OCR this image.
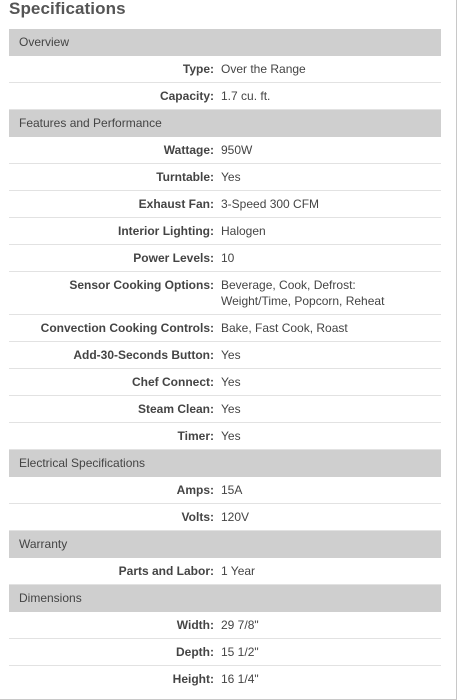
Specifications
Overview
Type: Over the Range
Capacity: 1.7 cu. ft.
Features and Performance
Wattage: 950W
Turntable: Yes
Exhaust Fan: 3-Speed 300 CFM
Interior Lighting: Halogen
Power Levels: 10
Sensor Cooking Options: Beverage, Cook, Defrost: Weight/Time, Popcorn, Reheat
Convection Cooking Controls: Bake, Fast Cook, Roast
Add-30-Seconds Button: Yes
Chef Connect: Yes
Steam Clean: Yes
Timer: Yes
Electrical Specifications
Amps: 15A
Volts: 120V
Warranty
Parts and Labor: 1 Year
Dimensions
Width: 29 7/8"
Depth: 15 1/2"
Height: 16 1/4"
